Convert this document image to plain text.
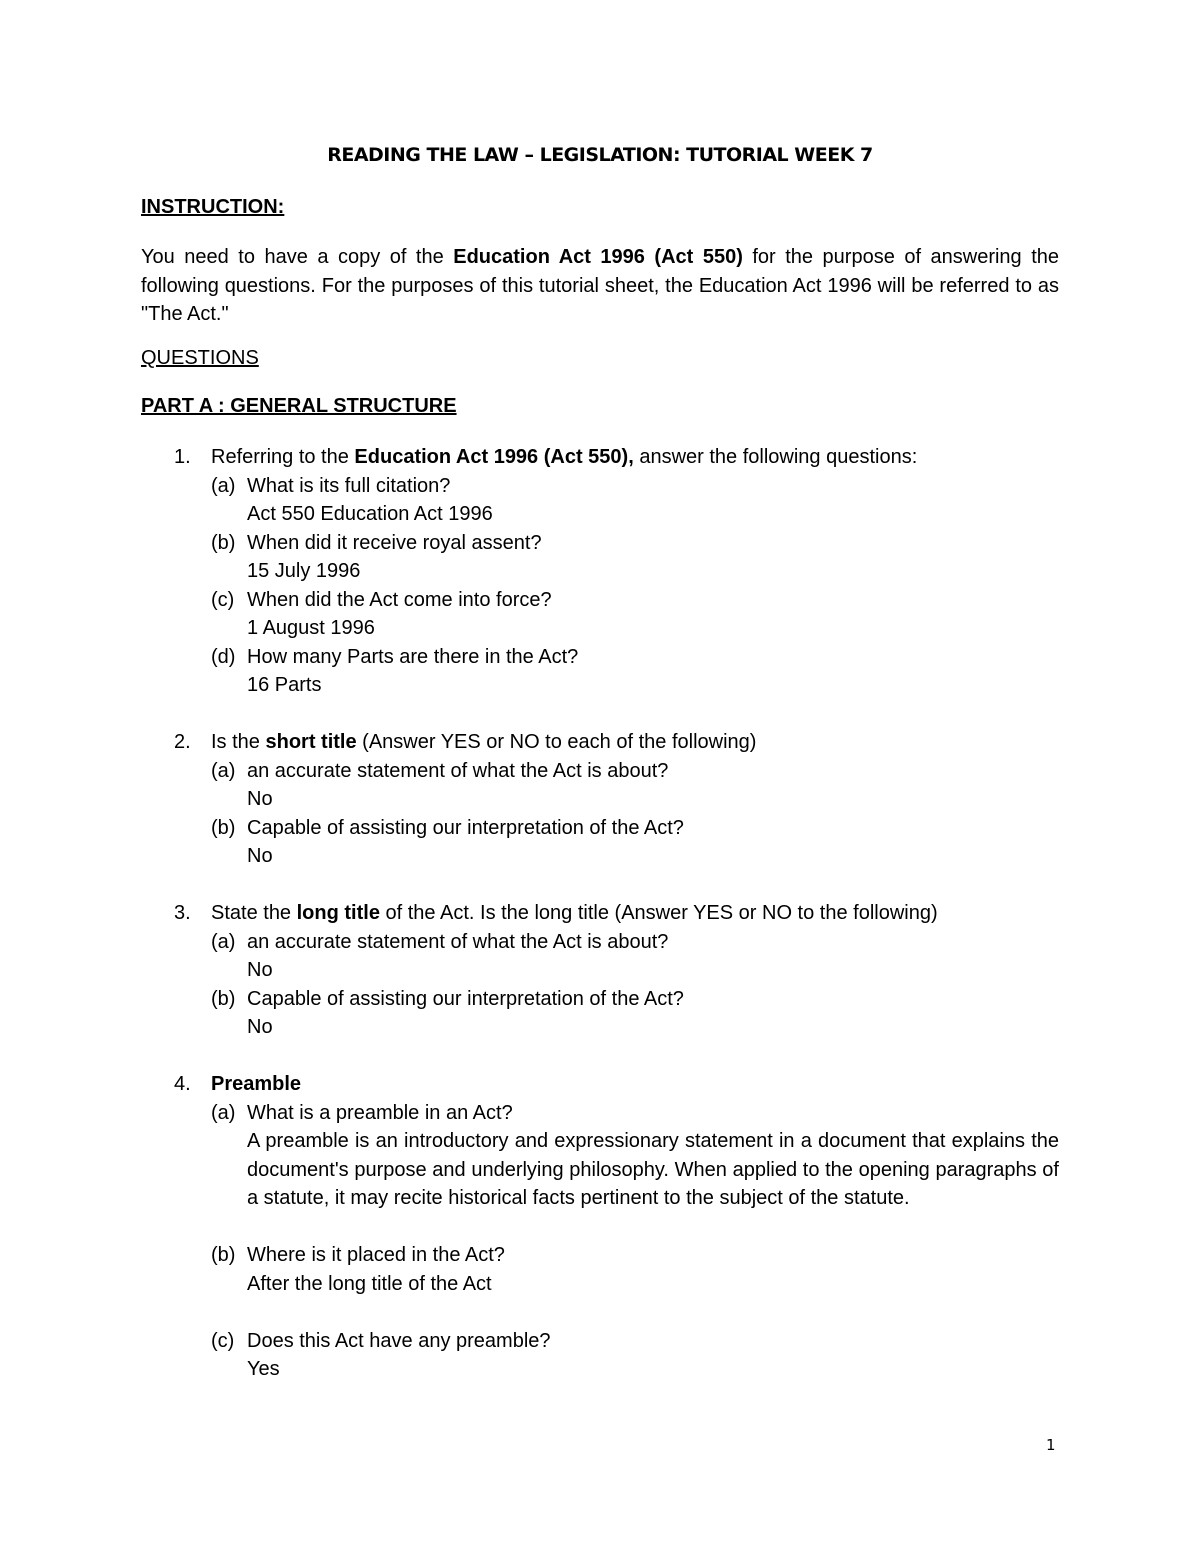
READING THE LAW – LEGISLATION: TUTORIAL WEEK 7
INSTRUCTION:
You need to have a copy of the Education Act 1996 (Act 550) for the purpose of answering the following questions. For the purposes of this tutorial sheet, the Education Act 1996 will be referred to as "The Act."
QUESTIONS
PART A : GENERAL STRUCTURE
1. Referring to the Education Act 1996 (Act 550), answer the following questions:
(a) What is its full citation?
Act 550 Education Act 1996
(b) When did it receive royal assent?
15 July 1996
(c) When did the Act come into force?
1 August 1996
(d) How many Parts are there in the Act?
16 Parts
2. Is the short title (Answer YES or NO to each of the following)
(a) an accurate statement of what the Act is about?
No
(b) Capable of assisting our interpretation of the Act?
No
3. State the long title of the Act. Is the long title (Answer YES or NO to the following)
(a) an accurate statement of what the Act is about?
No
(b) Capable of assisting our interpretation of the Act?
No
4. Preamble
(a) What is a preamble in an Act?
A preamble is an introductory and expressionary statement in a document that explains the document's purpose and underlying philosophy. When applied to the opening paragraphs of a statute, it may recite historical facts pertinent to the subject of the statute.
(b) Where is it placed in the Act?
After the long title of the Act
(c) Does this Act have any preamble?
Yes
1
